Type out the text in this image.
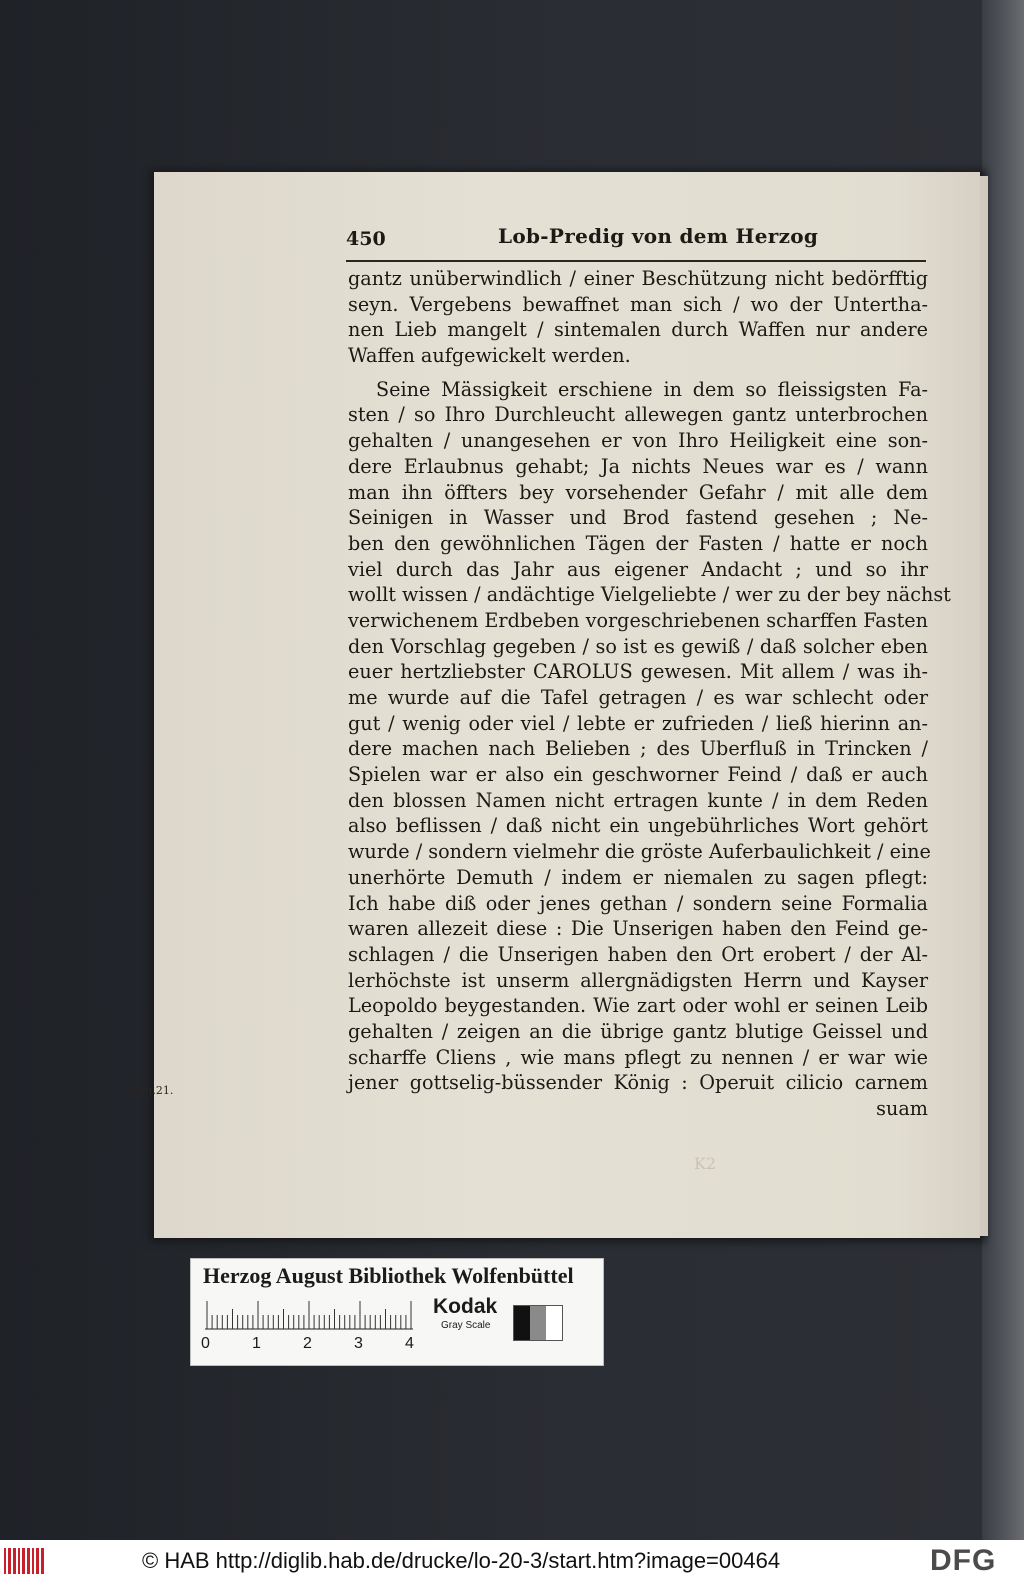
450	Lob-Predig von dem Herzog
gantz unüberwindlich / einer Beschützung nicht bedörfftig
seyn. Vergebens bewaffnet man sich / wo der Untertha-
nen Lieb mangelt / sintemalen durch Waffen nur andere
Waffen aufgewickelt werden.
Seine Mässigkeit erschiene in dem so fleissigsten Fa-
sten / so Ihro Durchleucht allewegen gantz unterbrochen
gehalten / unangesehen er von Ihro Heiligkeit eine son-
dere Erlaubnus gehabt; Ja nichts Neues war es / wann
man ihn öffters bey vorsehender Gefahr / mit alle dem
Seinigen in Wasser und Brod fastend gesehen ; Ne-
ben den gewöhnlichen Tägen der Fasten / hatte er noch
viel durch das Jahr aus eigener Andacht ; und so ihr
wollt wissen / andächtige Vielgeliebte / wer zu der bey nächst
verwichenem Erdbeben vorgeschriebenen scharffen Fasten
den Vorschlag gegeben / so ist es gewiß / daß solcher eben
euer hertzliebster CAROLUS gewesen. Mit allem / was ih-
me wurde auf die Tafel getragen / es war schlecht oder
gut / wenig oder viel / lebte er zufrieden / ließ hierinn an-
dere machen nach Belieben ; des Uberfluß in Trincken /
Spielen war er also ein geschworner Feind / daß er auch
den blossen Namen nicht ertragen kunte / in dem Reden
also beflissen / daß nicht ein ungebührliches Wort gehört
wurde / sondern vielmehr die gröste Auferbaulichkeit / eine
unerhörte Demuth / indem er niemalen zu sagen pflegt:
Ich habe diß oder jenes gethan / sondern seine Formalia
waren allezeit diese : Die Unserigen haben den Feind ge-
schlagen / die Unserigen haben den Ort erobert / der Al-
lerhöchste ist unserm allergnädigsten Herrn und Kayser
Leopoldo beygestanden. Wie zart oder wohl er seinen Leib
gehalten / zeigen an die übrige gantz blutige Geissel und
scharffe Cliens , wie mans pflegt zu nennen / er war wie
jener gottselig-büssender König : Operuit cilicio carnem
suam
K2
3.Reg.21.
Herzog August Bibliothek Wolfenbüttel
0	1	2	3	4
Kodak
Gray Scale
© HAB http://diglib.hab.de/drucke/lo-20-3/start.htm?image=00464	DFG
